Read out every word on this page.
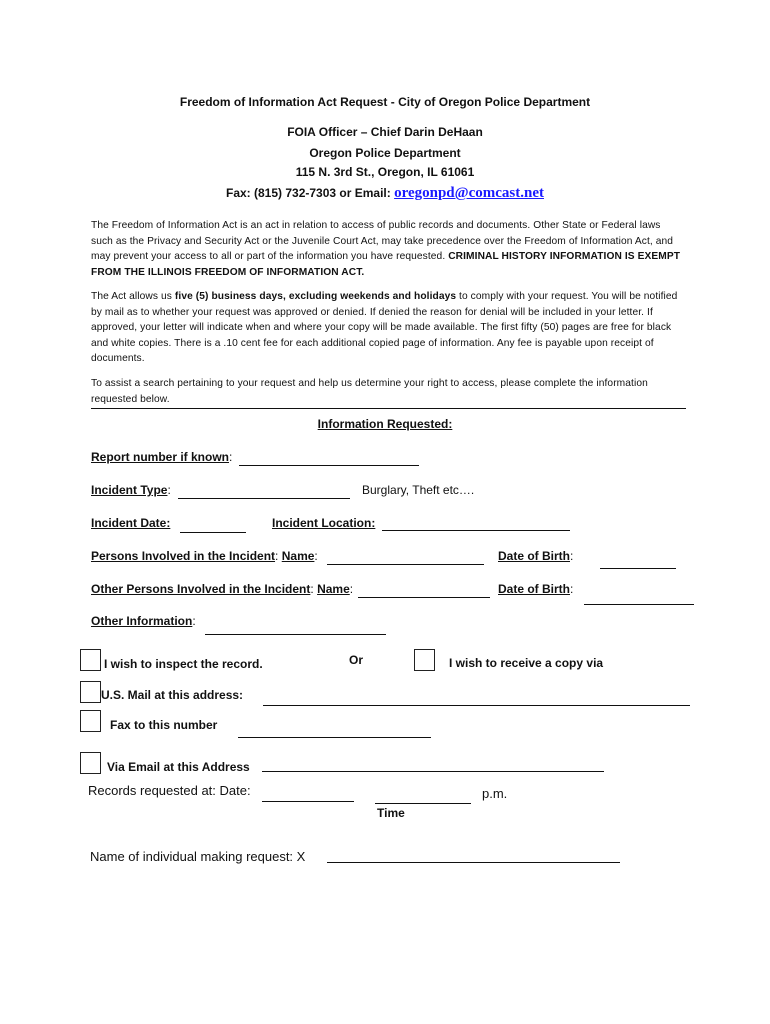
Freedom of Information Act Request - City of Oregon Police Department
FOIA Officer – Chief Darin DeHaan
Oregon Police Department
115 N. 3rd St., Oregon, IL 61061
Fax: (815) 732-7303 or Email: oregonpd@comcast.net
The Freedom of Information Act is an act in relation to access of public records and documents. Other State or Federal laws such as the Privacy and Security Act or the Juvenile Court Act, may take precedence over the Freedom of Information Act, and may prevent your access to all or part of the information you have requested. CRIMINAL HISTORY INFORMATION IS EXEMPT FROM THE ILLINOIS FREEDOM OF INFORMATION ACT.
The Act allows us five (5) business days, excluding weekends and holidays to comply with your request. You will be notified by mail as to whether your request was approved or denied. If denied the reason for denial will be included in your letter. If approved, your letter will indicate when and where your copy will be made available. The first fifty (50) pages are free for black and white copies. There is a .10 cent fee for each additional copied page of information. Any fee is payable upon receipt of documents.
To assist a search pertaining to your request and help us determine your right to access, please complete the information requested below.
Information Requested:
Report number if known:
Incident Type:	Burglary, Theft etc….
Incident Date:	Incident Location:
Persons Involved in the Incident: Name:	Date of Birth:
Other Persons Involved in the Incident: Name:	Date of Birth:
Other Information:
I wish to inspect the record.	Or	I wish to receive a copy via
U.S. Mail at this address:
Fax to this number
Via Email at this Address
Records requested at: Date:	p.m.
Time
Name of individual making request: X
